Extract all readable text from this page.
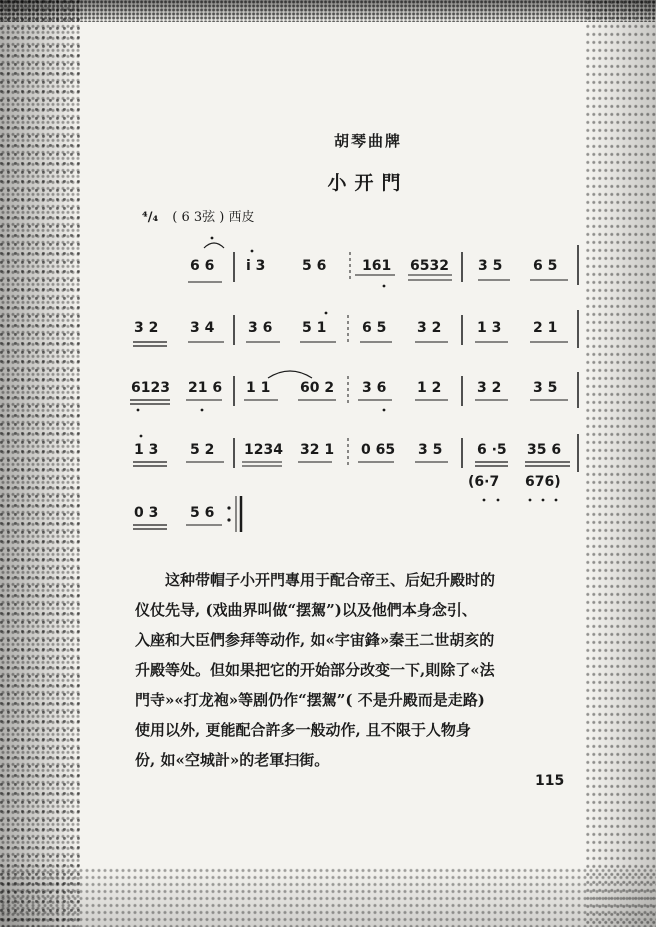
胡琴曲牌
小开門
⁴/₄ ( 6 3弦 ) 西皮
6 6 i 3	5 6	161 6532 3 5 6 5
3 2 3 4 3 6 5 1	6 5 3 2	1 3 2 1
6123 21 6 1 1 60 2 3 6 1 2	3 2 3 5
1 3 5 2 1234 32 1 0 65 3 5 6 ·5 35 6
(6·7 676)
0 3 5 6

这种带帽子小开門專用于配合帝王、后妃升殿时的
仪仗先导, (戏曲界叫做“摆駕”)以及他們本身念引、
入座和大臣們参拜等动作, 如«宇宙鋒»秦王二世胡亥的
升殿等处。但如果把它的开始部分改变一下,則除了«法
門寺»«打龙袍»等剧仍作“摆駕”( 不是升殿而是走路)
使用以外, 更能配合許多一般动作, 且不限于人物身
份, 如«空城計»的老軍扫街。

115
